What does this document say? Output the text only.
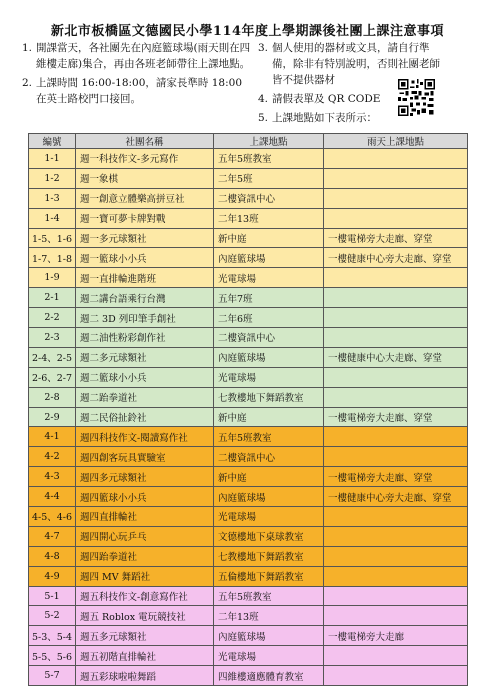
新北市板橋區文德國民小學114年度上學期課後社團上課注意事項
1. 開課當天，各社團先在內庭籃球場(雨天則在四維樓走廊)集合，再由各班老師帶往上課地點。
2. 上課時間 16:00-18:00，請家長準時 18:00 在英士路校門口接回。
3. 個人使用的器材或文具，請自行準備，除非有特別說明，否則社團老師皆不提供器材
4. 請假表單及 QR CODE
5. 上課地點如下表所示：
編號	社團名稱	上課地點	雨天上課地點
1-1	週一科技作文-多元寫作	五年5班教室	
1-2	週一象棋	二年5班	
1-3	週一創意立體樂高拼豆社	二樓資訊中心	
1-4	週一寶可夢卡牌對戰	二年13班	
1-5、1-6	週一多元球類社	新中庭	一樓電梯旁大走廊、穿堂
1-7、1-8	週一籃球小小兵	內庭籃球場	一樓健康中心旁大走廊、穿堂
1-9	週一直排輪進階班	光電球場	
2-1	週二講台語乘行台灣	五年7班	
2-2	週二 3D 列印筆手創社	二年6班	
2-3	週二油性粉彩創作社	二樓資訊中心	
2-4、2-5	週二多元球類社	內庭籃球場	一樓健康中心大走廊、穿堂
2-6、2-7	週二籃球小小兵	光電球場	
2-8	週二跆拳道社	七教樓地下舞蹈教室	
2-9	週二民俗扯鈴社	新中庭	一樓電梯旁大走廊、穿堂
4-1	週四科技作文-閱讀寫作社	五年5班教室	
4-2	週四創客玩具實驗室	二樓資訊中心	
4-3	週四多元球類社	新中庭	一樓電梯旁大走廊、穿堂
4-4	週四籃球小小兵	內庭籃球場	一樓健康中心旁大走廊、穿堂
4-5、4-6	週四直排輪社	光電球場	
4-7	週四開心玩乒乓	文德樓地下桌球教室	
4-8	週四跆拳道社	七教樓地下舞蹈教室	
4-9	週四 MV 舞蹈社	五倫樓地下舞蹈教室	
5-1	週五科技作文-創意寫作社	五年5班教室	
5-2	週五 Roblox 電玩競技社	二年13班	
5-3、5-4	週五多元球類社	內庭籃球場	一樓電梯旁大走廊
5-5、5-6	週五初階直排輪社	光電球場	
5-7	週五彩球啦啦舞蹈	四維樓適應體育教室	
